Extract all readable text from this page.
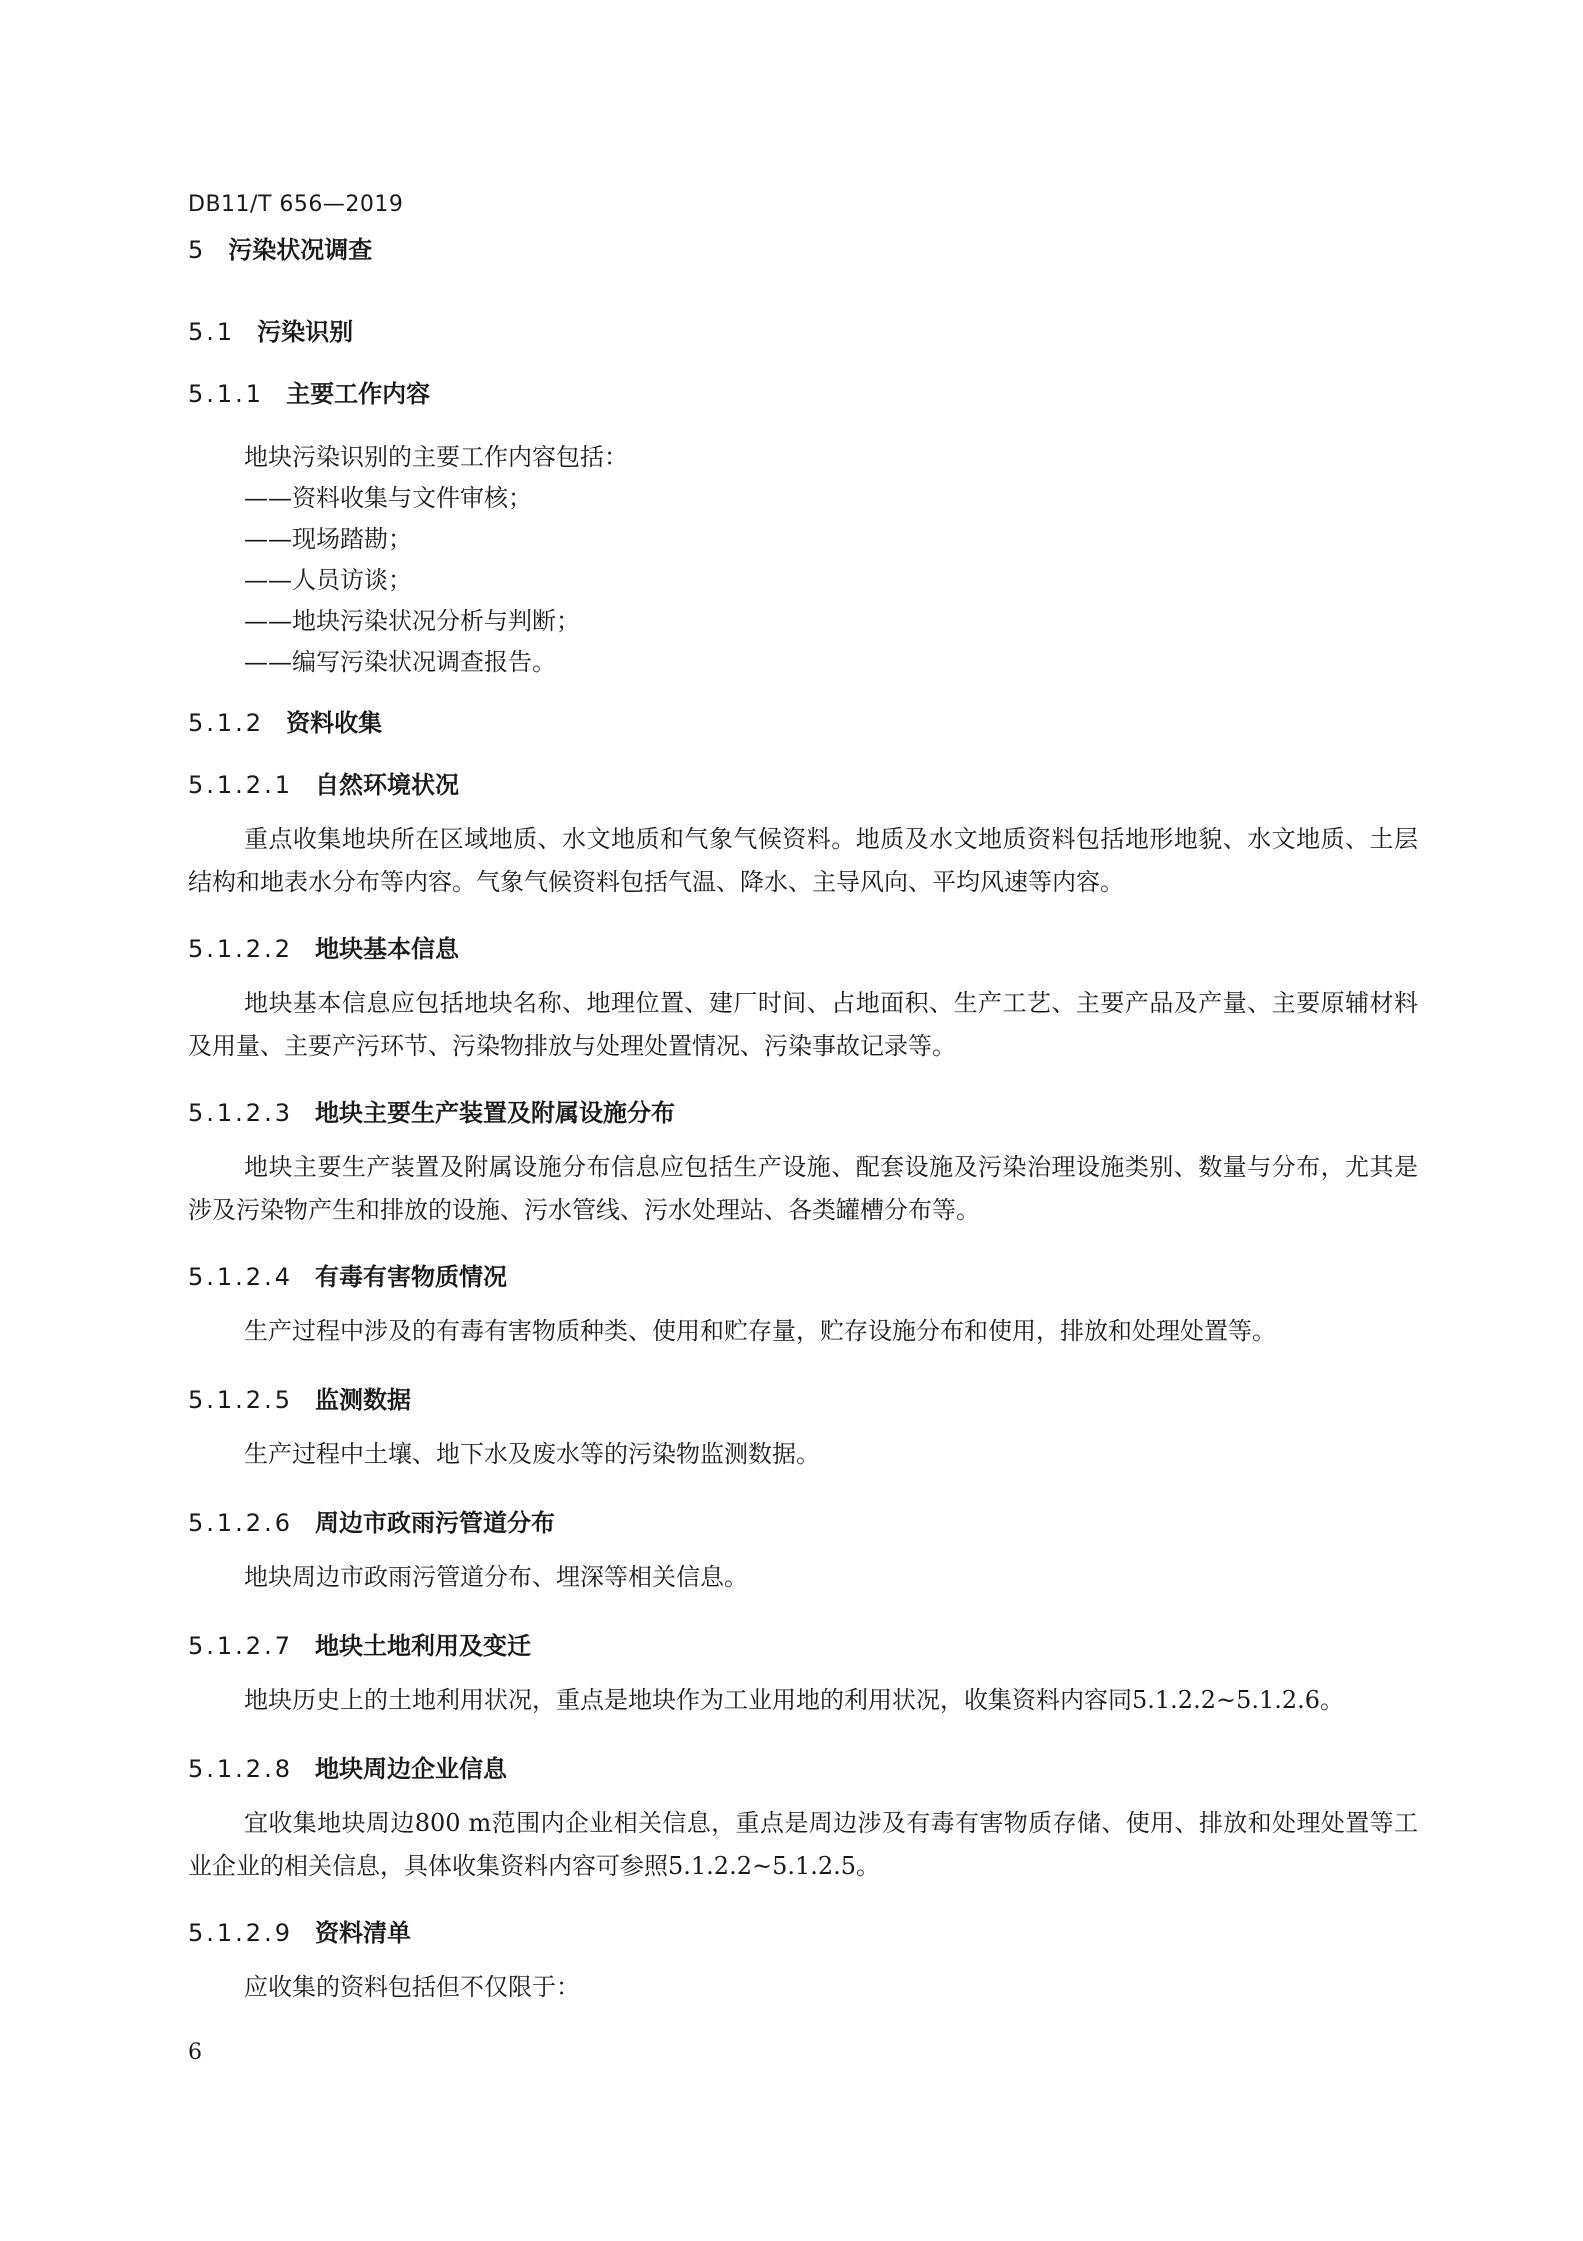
DB11/T 656—2019
5 污染状况调查
5.1 污染识别
5.1.1 主要工作内容
地块污染识别的主要工作内容包括：
——资料收集与文件审核；
——现场踏勘；
——人员访谈；
——地块污染状况分析与判断；
——编写污染状况调查报告。
5.1.2 资料收集
5.1.2.1 自然环境状况
重点收集地块所在区域地质、水文地质和气象气候资料。地质及水文地质资料包括地形地貌、水文地质、土层结构和地表水分布等内容。气象气候资料包括气温、降水、主导风向、平均风速等内容。
5.1.2.2 地块基本信息
地块基本信息应包括地块名称、地理位置、建厂时间、占地面积、生产工艺、主要产品及产量、主要原辅材料及用量、主要产污环节、污染物排放与处理处置情况、污染事故记录等。
5.1.2.3 地块主要生产装置及附属设施分布
地块主要生产装置及附属设施分布信息应包括生产设施、配套设施及污染治理设施类别、数量与分布，尤其是涉及污染物产生和排放的设施、污水管线、污水处理站、各类罐槽分布等。
5.1.2.4 有毒有害物质情况
生产过程中涉及的有毒有害物质种类、使用和贮存量，贮存设施分布和使用，排放和处理处置等。
5.1.2.5 监测数据
生产过程中土壤、地下水及废水等的污染物监测数据。
5.1.2.6 周边市政雨污管道分布
地块周边市政雨污管道分布、埋深等相关信息。
5.1.2.7 地块土地利用及变迁
地块历史上的土地利用状况，重点是地块作为工业用地的利用状况，收集资料内容同5.1.2.2~5.1.2.6。
5.1.2.8 地块周边企业信息
宜收集地块周边800 m范围内企业相关信息，重点是周边涉及有毒有害物质存储、使用、排放和处理处置等工业企业的相关信息，具体收集资料内容可参照5.1.2.2~5.1.2.5。
5.1.2.9 资料清单
应收集的资料包括但不仅限于：
6
